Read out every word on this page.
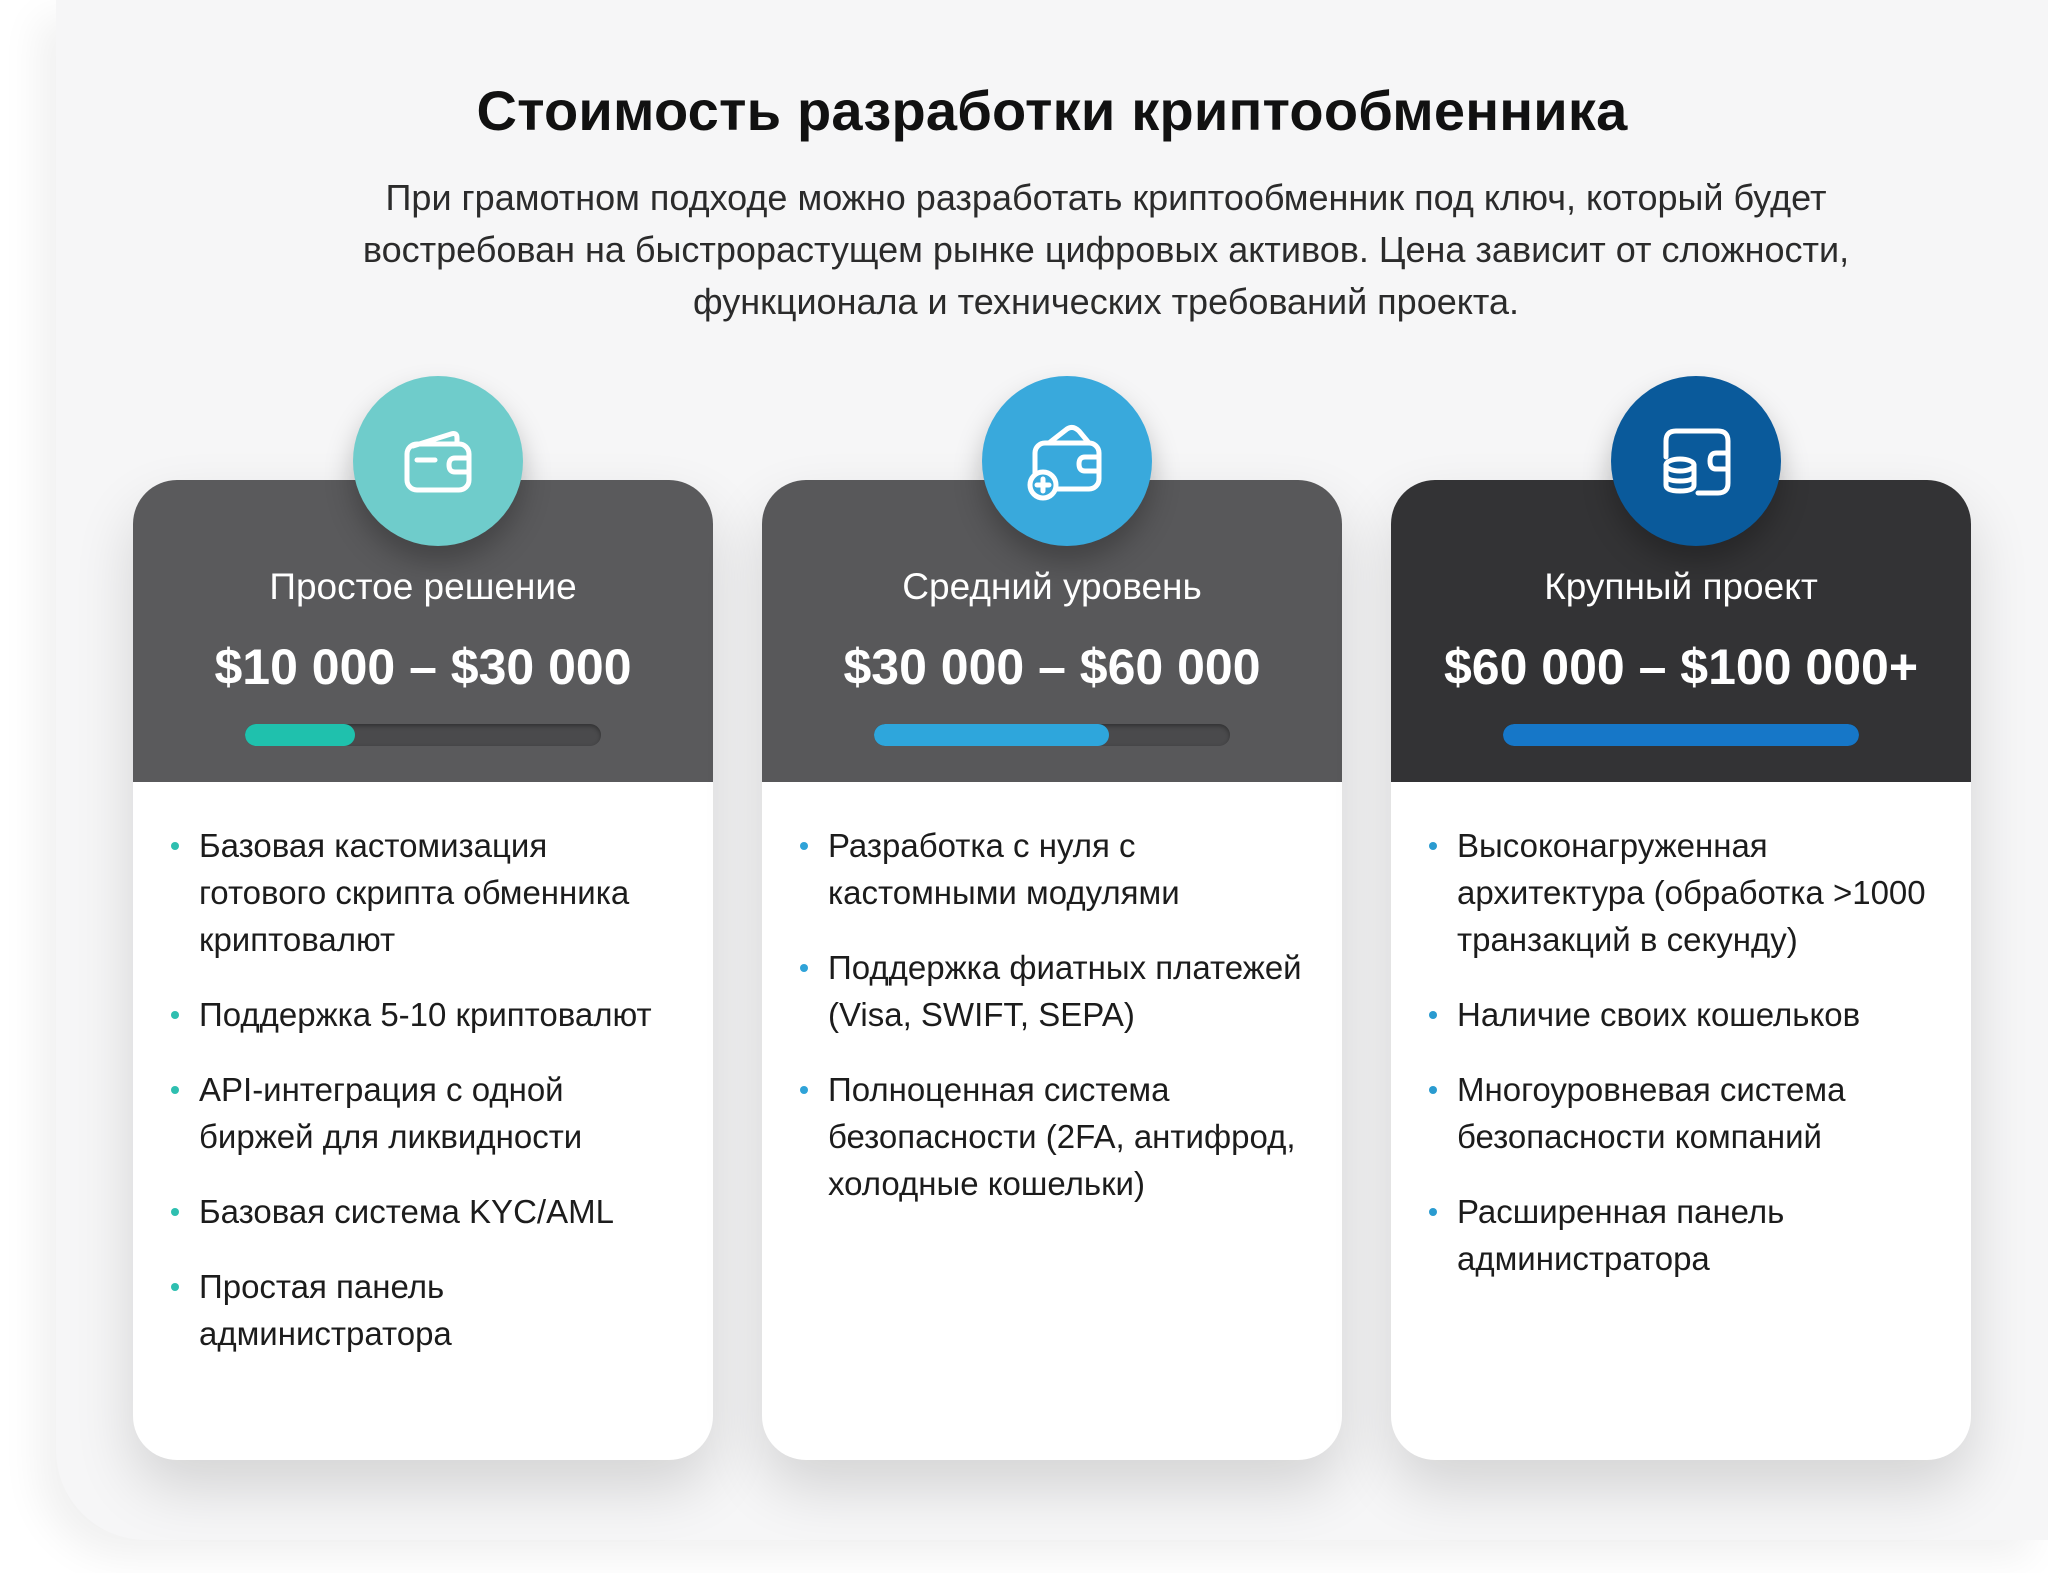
Стоимость разработки криптообменника
При грамотном подходе можно разработать криптообменник под ключ, который будет
востребован на быстрорастущем рынке цифровых активов. Цена зависит от сложности,
функционала и технических требований проекта.
Простое решение
$10 000 – $30 000
Базовая кастомизация готового скрипта обменника криптовалют
Поддержка 5-10 криптовалют
API-интеграция с одной биржей для ликвидности
Базовая система KYC/AML
Простая панель администратора
Средний уровень
$30 000 – $60 000
Разработка с нуля с кастомными модулями
Поддержка фиатных платежей (Visa, SWIFT, SEPA)
Полноценная система безопасности (2FA, антифрод, холодные кошельки)
Крупный проект
$60 000 – $100 000+
Высоконагруженная архитектура (обработка >1000 транзакций в секунду)
Наличие своих кошельков
Многоуровневая система безопасности компаний
Расширенная панель администратора
